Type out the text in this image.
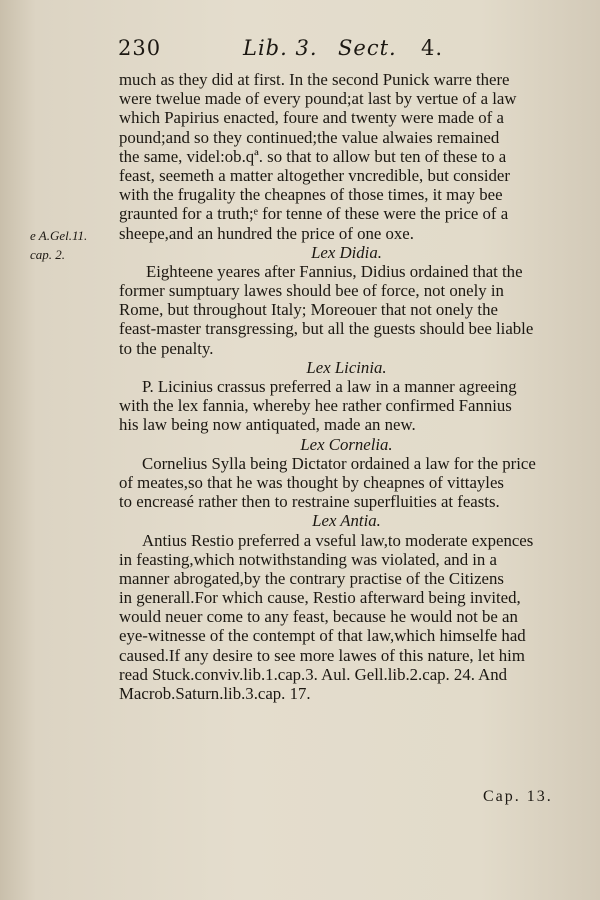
230	Lib. 3. Sect. 4.
e A.Gel.11.
cap. 2.
much as they did at first. In the second Punick warre there
were twelue made of every pound;at last by vertue of a law
which Papirius enacted, foure and twenty were made of a
pound;and so they continued;the value alwaies remained
the same, videl:ob.qª. so that to allow but ten of these to a
feast, seemeth a matter altogether vncredible, but consider
with the frugality the cheapnes of those times, it may bee
graunted for a truth;ᵉ for tenne of these were the price of a
sheepe,and an hundred the price of one oxe.
Lex Didia.
Eighteene yeares after Fannius, Didius ordained that the
former sumptuary lawes should bee of force, not onely in
Rome, but throughout Italy; Moreouer that not onely the
feast-master transgressing, but all the guests should bee liable
to the penalty.
Lex Licinia.
P. Licinius crassus preferred a law in a manner agreeing
with the lex fannia, whereby hee rather confirmed Fannius
his law being now antiquated, made an new.
Lex Cornelia.
Cornelius Sylla being Dictator ordained a law for the price
of meates,so that he was thought by cheapnes of vittayles
to encreasé rather then to restraine superfluities at feasts.
Lex Antia.
Antius Restio preferred a vseful law,to moderate expences
in feasting,which notwithstanding was violated, and in a
manner abrogated,by the contrary practise of the Citizens
in generall.For which cause, Restio afterward being invited,
would neuer come to any feast, because he would not be an
eye-witnesse of the contempt of that law,which himselfe had
caused.If any desire to see more lawes of this nature, let him
read Stuck.conviv.lib.1.cap.3. Aul. Gell.lib.2.cap. 24. And
Macrob.Saturn.lib.3.cap. 17.
Cap. 13.
